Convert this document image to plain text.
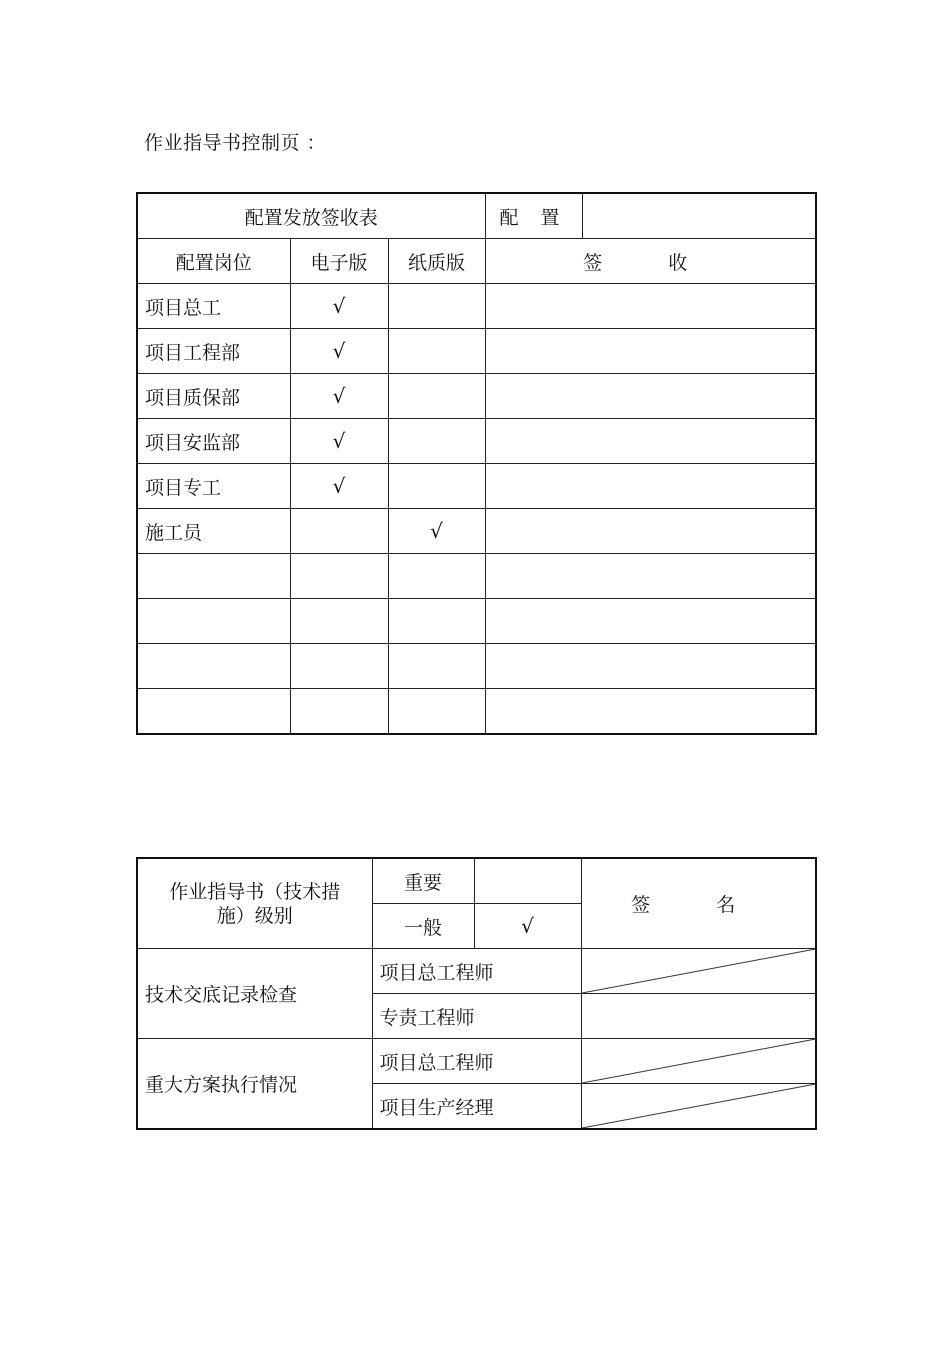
作业指导书控制页 ：
配置发放签收表			配 置	
配置岗位	电子版	纸质版	签 收	
项目总工	√			
项目工程部	√			
项目质保部	√			
项目安监部	√			
项目专工	√			
施工员		√		

作业指导书（技术措施）级别	重要		签 名
	一般	√	
技术交底记录检查	项目总工程师	

	专责工程师		
重大方案执行情况	项目总工程师	

	项目生产经理	
